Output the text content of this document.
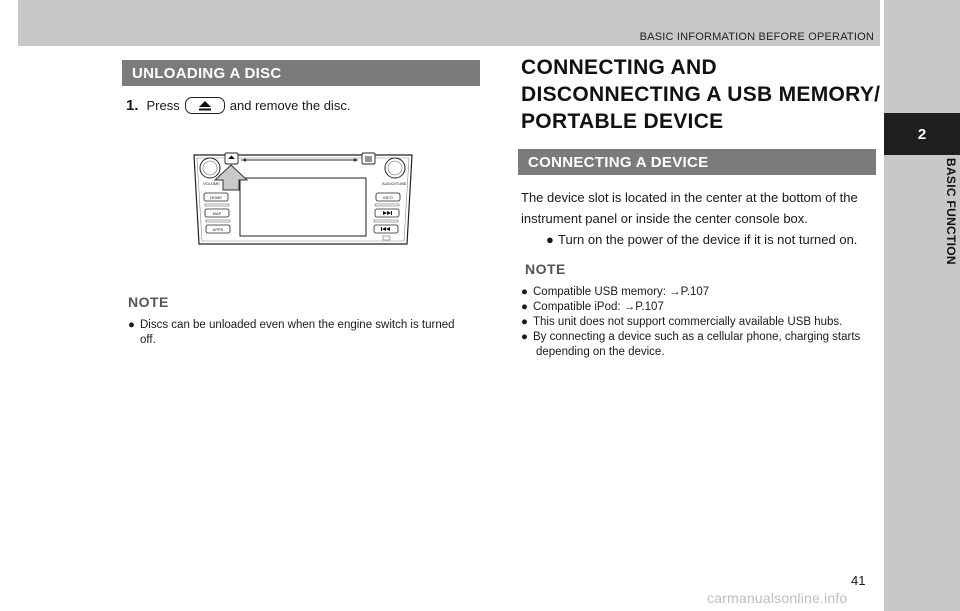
BASIC INFORMATION BEFORE OPERATION
2
BASIC FUNCTION
UNLOADING A DISC
1. Press	and remove the disc.
VOLUME	AUDIO/TUNE
HOME
MAP
APPS
INFO
NOTE
● Discs can be unloaded even when the engine switch is turned
off.
CONNECTING AND
DISCONNECTING A USB MEMORY/
PORTABLE DEVICE
CONNECTING A DEVICE
The device slot is located in the center at the bottom of the
instrument panel or inside the center console box.
● Turn on the power of the device if it is not turned on.
NOTE
● Compatible USB memory: →P.107
● Compatible iPod: →P.107
● This unit does not support commercially available USB hubs.
● By connecting a device such as a cellular phone, charging starts
depending on the device.
41
carmanualsonline.info
